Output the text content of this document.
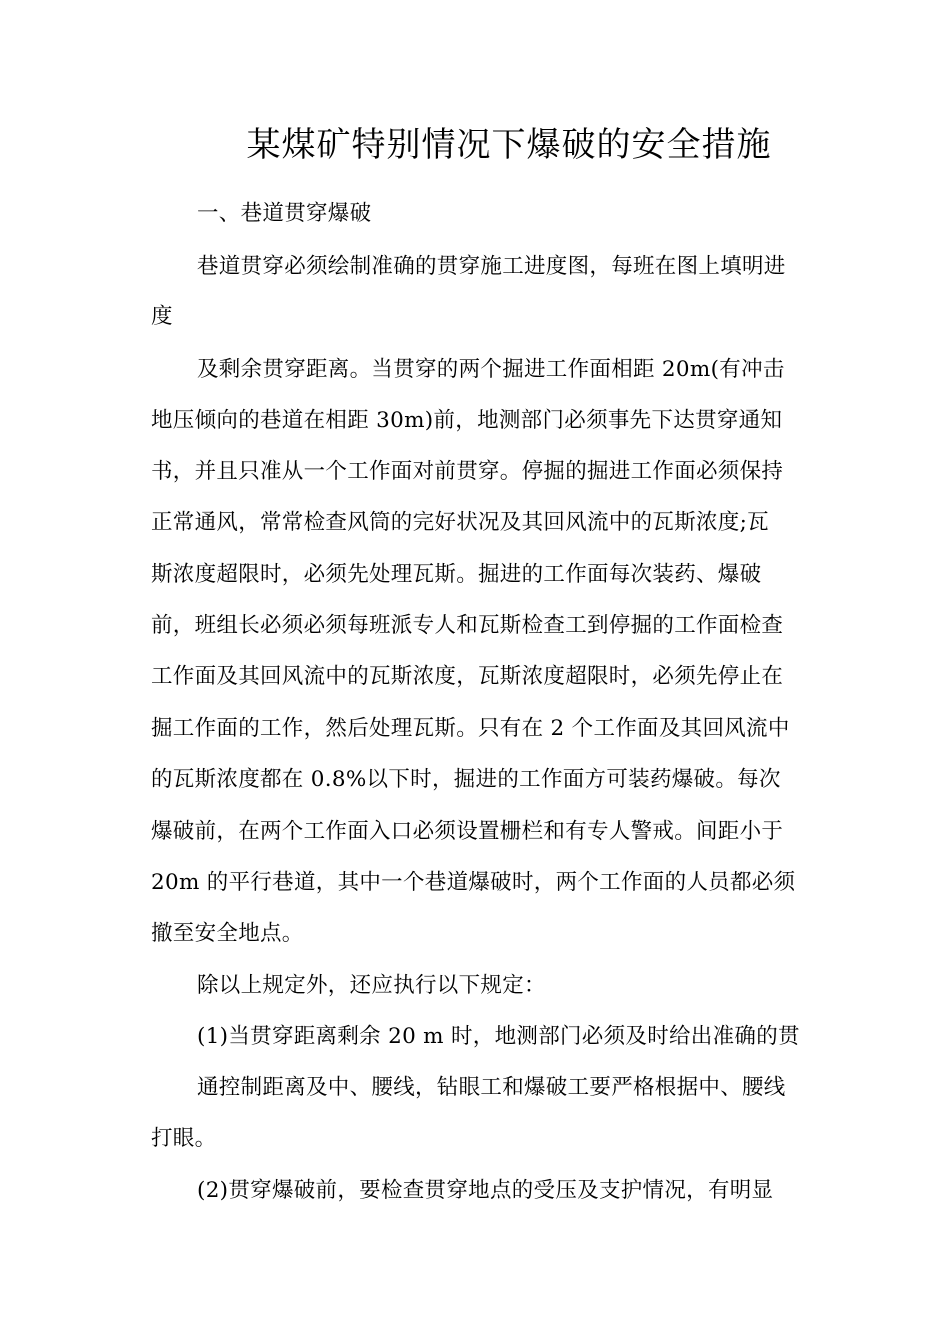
某煤矿特别情况下爆破的安全措施
一、巷道贯穿爆破
巷道贯穿必须绘制准确的贯穿施工进度图，每班在图上填明进
度
及剩余贯穿距离。当贯穿的两个掘进工作面相距 20m(有冲击
地压倾向的巷道在相距 30m)前，地测部门必须事先下达贯穿通知
书，并且只准从一个工作面对前贯穿。停掘的掘进工作面必须保持
正常通风，常常检查风筒的完好状况及其回风流中的瓦斯浓度;瓦
斯浓度超限时，必须先处理瓦斯。掘进的工作面每次装药、爆破
前，班组长必须必须每班派专人和瓦斯检查工到停掘的工作面检查
工作面及其回风流中的瓦斯浓度，瓦斯浓度超限时，必须先停止在
掘工作面的工作，然后处理瓦斯。只有在 2 个工作面及其回风流中
的瓦斯浓度都在 0.8%以下时，掘进的工作面方可装药爆破。每次
爆破前，在两个工作面入口必须设置栅栏和有专人警戒。间距小于
20m 的平行巷道，其中一个巷道爆破时，两个工作面的人员都必须
撤至安全地点。
除以上规定外，还应执行以下规定：
(1)当贯穿距离剩余 20 m 时，地测部门必须及时给出准确的贯
通控制距离及中、腰线，钻眼工和爆破工要严格根据中、腰线
打眼。
(2)贯穿爆破前，要检查贯穿地点的受压及支护情况，有明显
